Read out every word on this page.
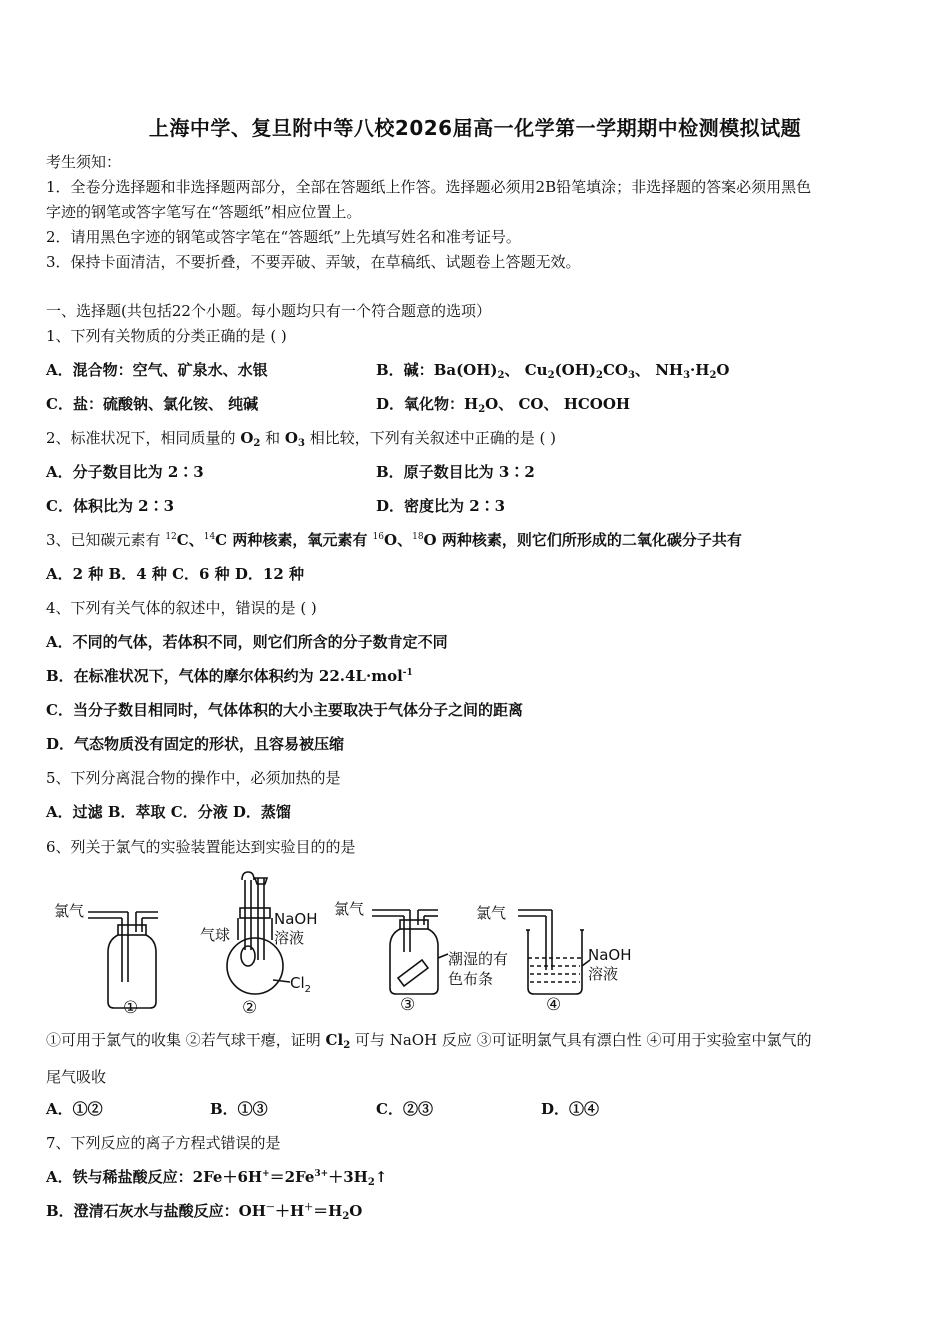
上海中学、复旦附中等八校2026届高一化学第一学期期中检测模拟试题
考生须知：
1．全卷分选择题和非选择题两部分，全部在答题纸上作答。选择题必须用2B铅笔填涂；非选择题的答案必须用黑色
字迹的钢笔或答字笔写在“答题纸”相应位置上。
2．请用黑色字迹的钢笔或答字笔在“答题纸”上先填写姓名和准考证号。
3．保持卡面清洁，不要折叠，不要弄破、弄皱，在草稿纸、试题卷上答题无效。
一、选择题(共包括22个小题。每小题均只有一个符合题意的选项）
1、下列有关物质的分类正确的是 ( )
A．混合物：空气、矿泉水、水银	B．碱：$Ba(OH)_2$、 $Cu_2(OH)_2CO_3$、 $NH_3\cdot H_2O$
C．盐：硫酸钠、氯化铵、 纯碱	D．氧化物：$H_2O$、 CO、 HCOOH
2、标准状况下，相同质量的 $O_2$ 和 $O_3$ 相比较，下列有关叙述中正确的是 ( )
A．分子数目比为 2∶3	B．原子数目比为 3∶2
C．体积比为 2∶3	D．密度比为 2∶3
3、已知碳元素有 $^{12}$C、$^{14}$C 两种核素，氧元素有 $^{16}$O、$^{18}$O 两种核素，则它们所形成的二氧化碳分子共有
A．2 种 B．4 种 C．6 种 D．12 种
4、下列有关气体的叙述中，错误的是 ( )
A．不同的气体，若体积不同，则它们所含的分子数肯定不同
B．在标准状况下，气体的摩尔体积约为 22.4L·mol$^{-1}$
C．当分子数目相同时，气体体积的大小主要取决于气体分子之间的距离
D．气态物质没有固定的形状，且容易被压缩
5、下列分离混合物的操作中，必须加热的是
A．过滤 B．萃取 C．分液 D．蒸馏
6、列关于氯气的实验装置能达到实验目的的是
氯气
气球
NaOH
溶液
$Cl_2$
氯气
潮湿的有
色布条
氯气
NaOH
溶液
①	②	③	④
①可用于氯气的收集 ②若气球干瘪，证明 $Cl_2$ 可与 NaOH 反应 ③可证明氯气具有漂白性 ④可用于实验室中氯气的
尾气吸收
A．①②	B．①③	C．②③	D．①④
7、下列反应的离子方程式错误的是
A．铁与稀盐酸反应：$2Fe+6H^+=2Fe^{3+}+3H_2↑$
B．澄清石灰水与盐酸反应：$OH^-+H^+=H_2O$
